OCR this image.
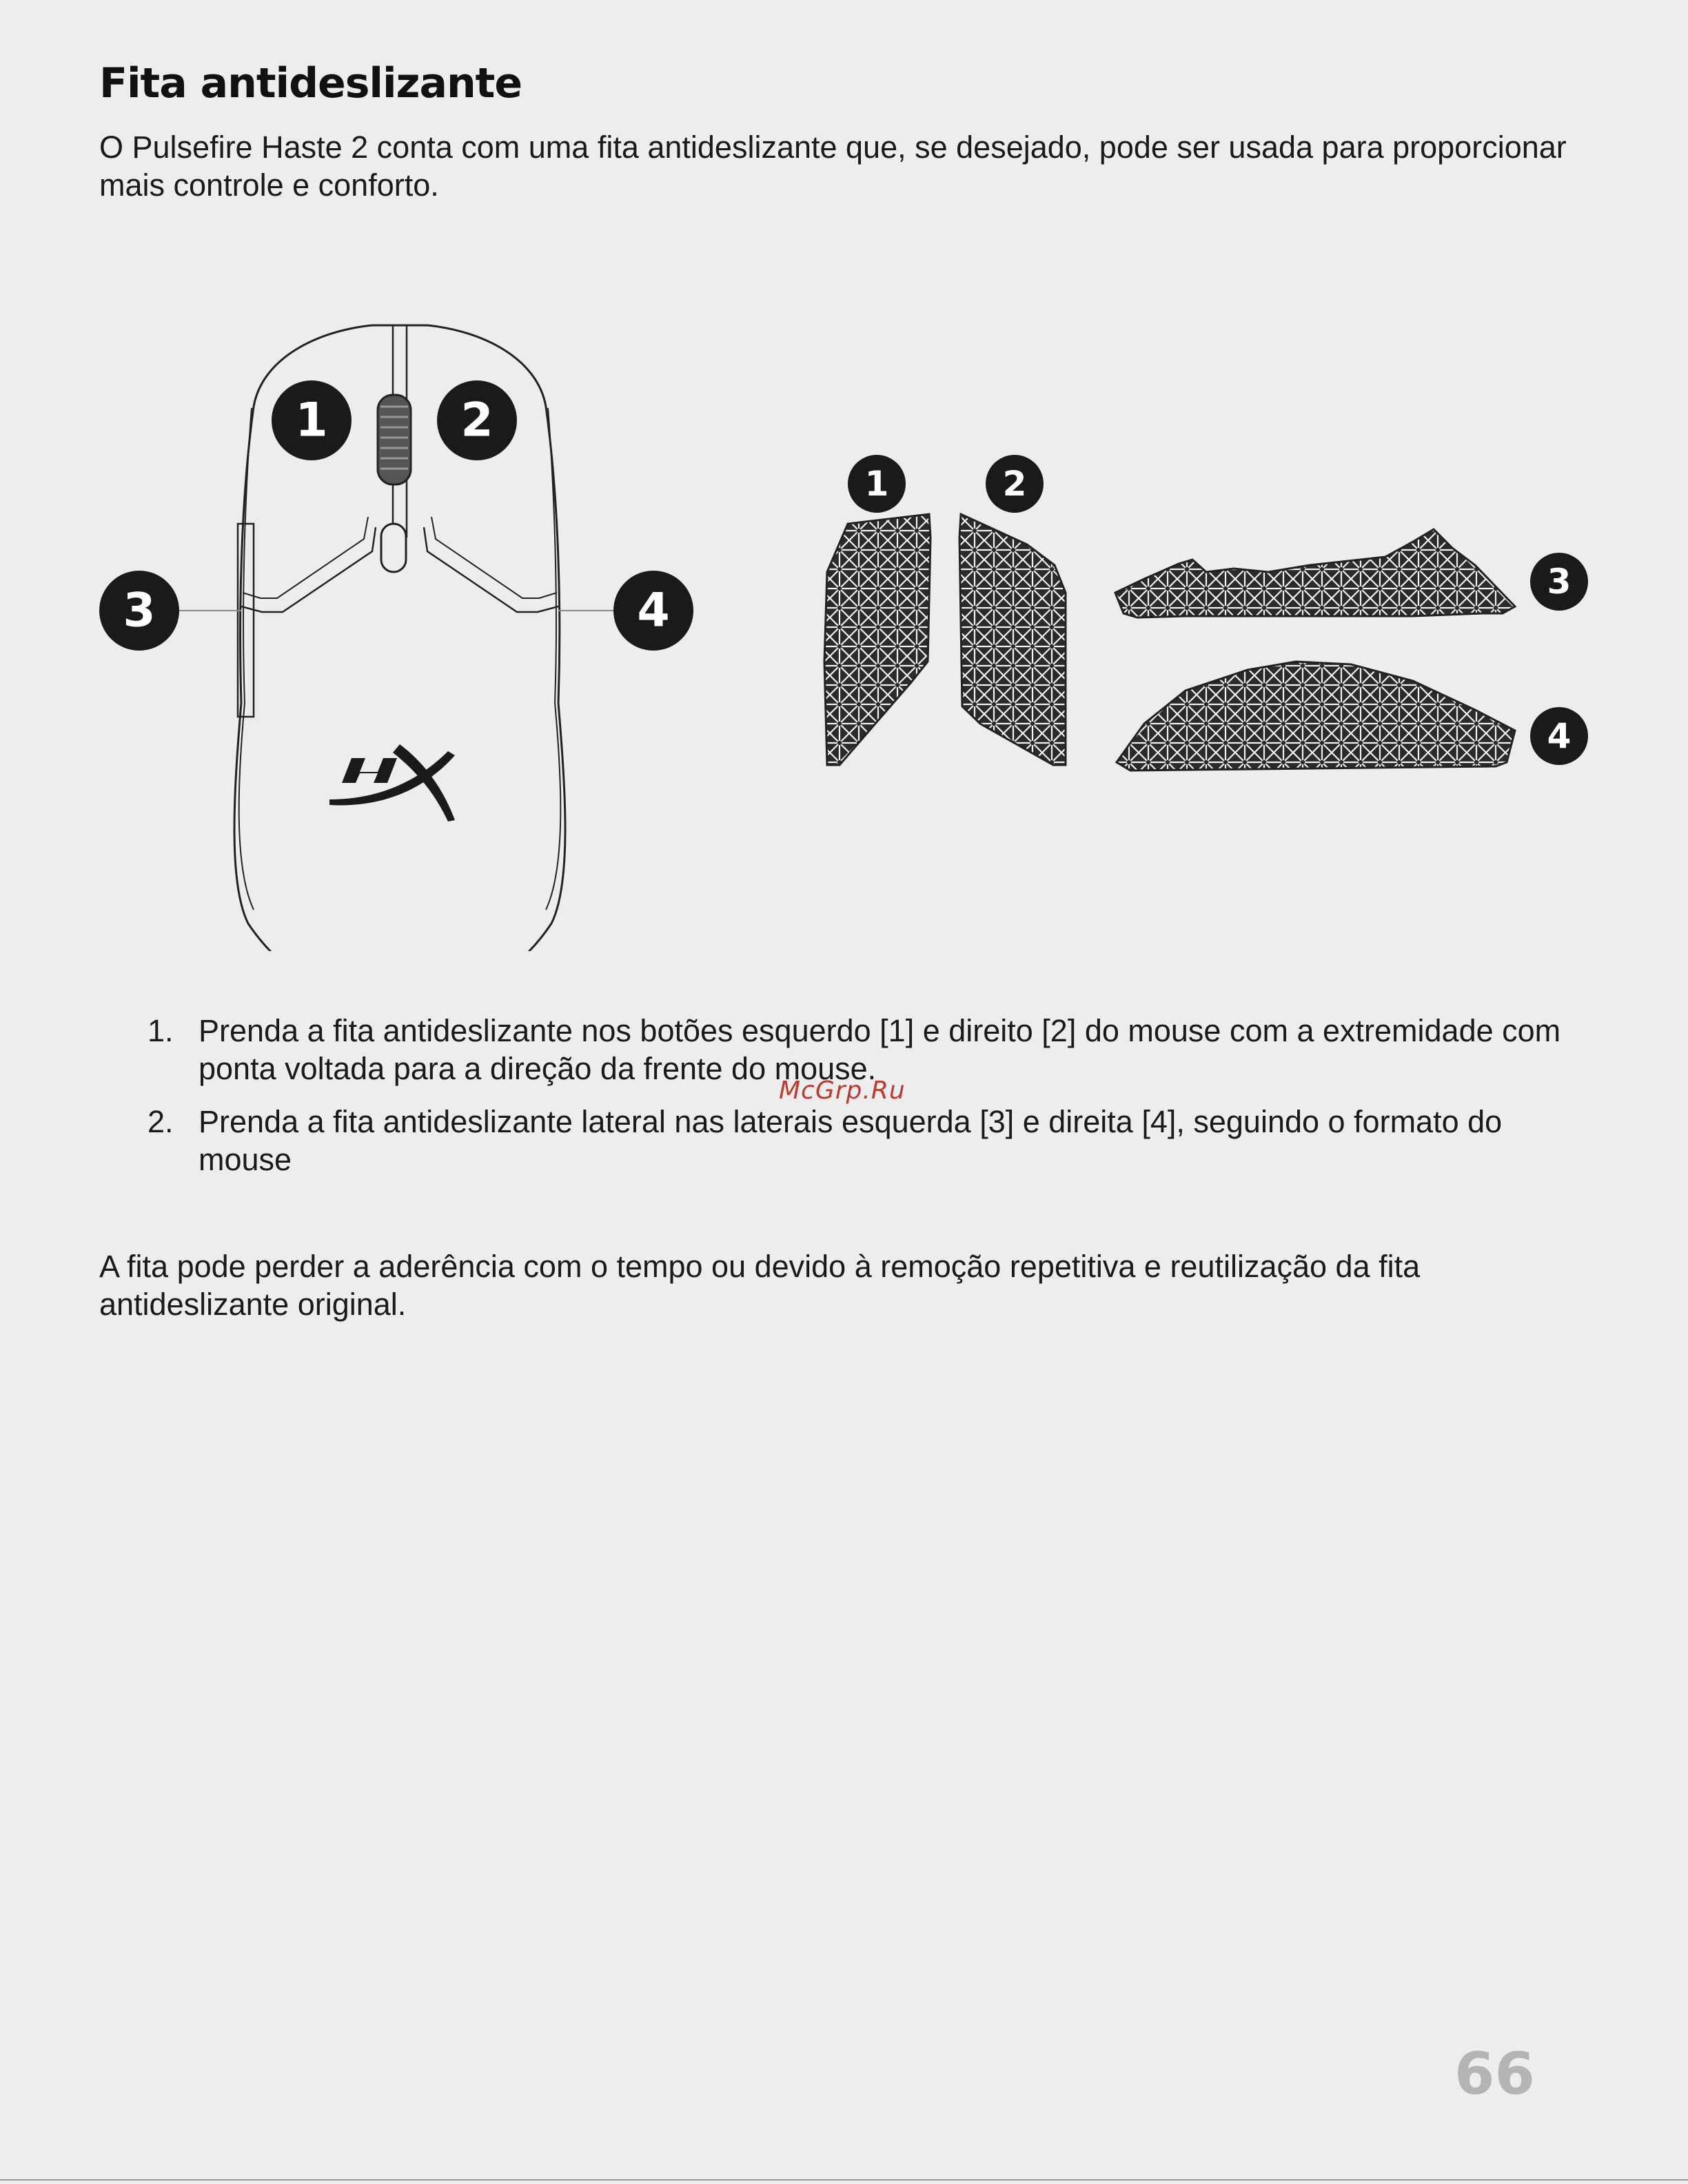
Fita antideslizante
O Pulsefire Haste 2 conta com uma fita antideslizante que, se desejado, pode ser usada para proporcionar mais controle e conforto.
1	2
3	4
1	2
3
4
1. Prenda a fita antideslizante nos botões esquerdo [1] e direito [2] do mouse com a extremidade com ponta voltada para a direção da frente do mouse.
2. Prenda a fita antideslizante lateral nas laterais esquerda [3] e direita [4], seguindo o formato do mouse
McGrp.Ru
A fita pode perder a aderência com o tempo ou devido à remoção repetitiva e reutilização da fita antideslizante original.
66
